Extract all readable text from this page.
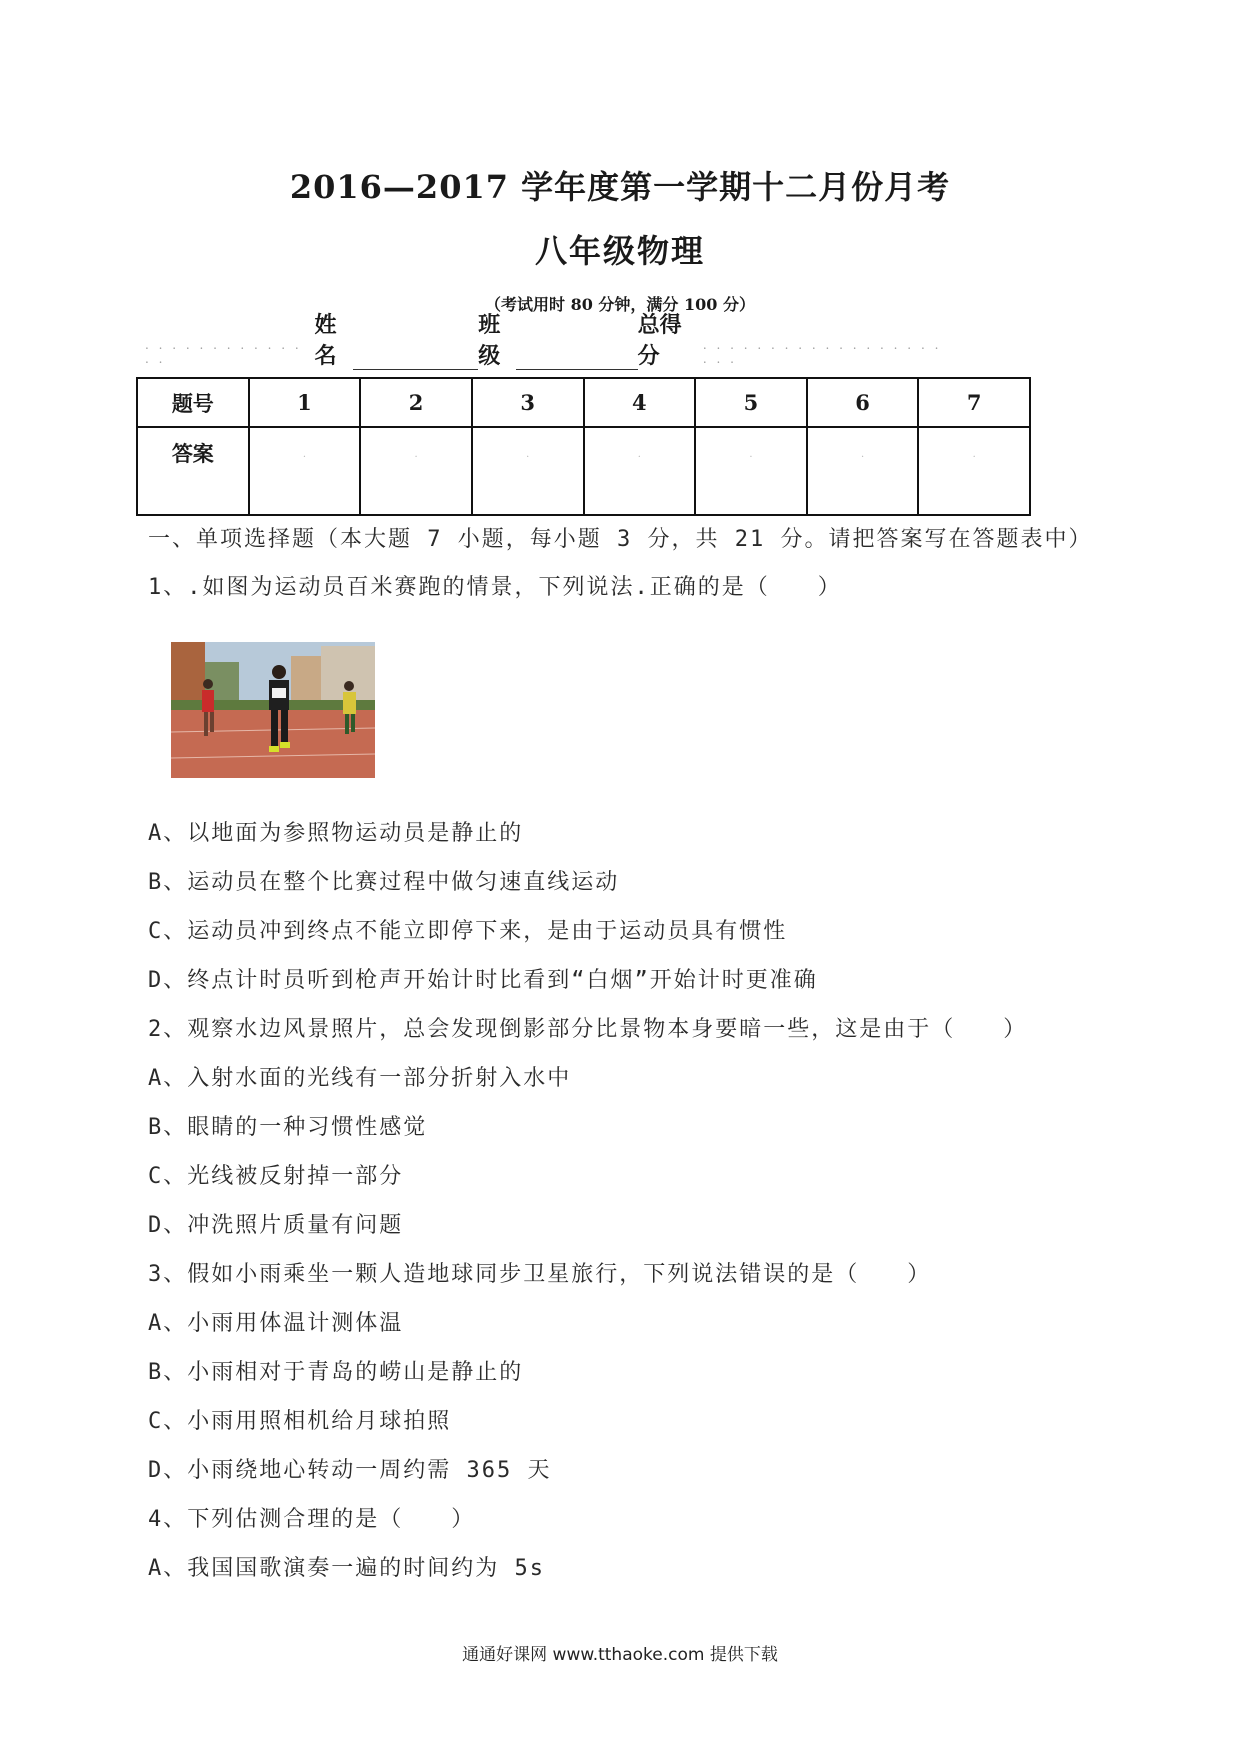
2016—2017 学年度第一学期十二月份月考
八年级物理
（考试用时 80 分钟，满分 100 分）
. . . . . . . . . . . . . .
姓名
班级
总得分	. . . . . . . . . . . . . . . . . . . . .
题号	1	2	3	4	5	6	7
答案	·	·	·	·	·	·	·
一、单项选择题（本大题 7 小题，每小题 3 分，共 21 分。请把答案写在答题表中）
1、.如图为运动员百米赛跑的情景，下列说法.正确的是（　　）
A、以地面为参照物运动员是静止的
B、运动员在整个比赛过程中做匀速直线运动
C、运动员冲到终点不能立即停下来，是由于运动员具有惯性
D、终点计时员听到枪声开始计时比看到“白烟”开始计时更准确
2、观察水边风景照片，总会发现倒影部分比景物本身要暗一些，这是由于（　　）
A、入射水面的光线有一部分折射入水中
B、眼睛的一种习惯性感觉
C、光线被反射掉一部分
D、冲洗照片质量有问题
3、假如小雨乘坐一颗人造地球同步卫星旅行，下列说法错误的是（　　）
A、小雨用体温计测体温
B、小雨相对于青岛的崂山是静止的
C、小雨用照相机给月球拍照
D、小雨绕地心转动一周约需 365 天
4、下列估测合理的是（　　）
A、我国国歌演奏一遍的时间约为 5s
通通好课网 www.tthaoke.com 提供下载
